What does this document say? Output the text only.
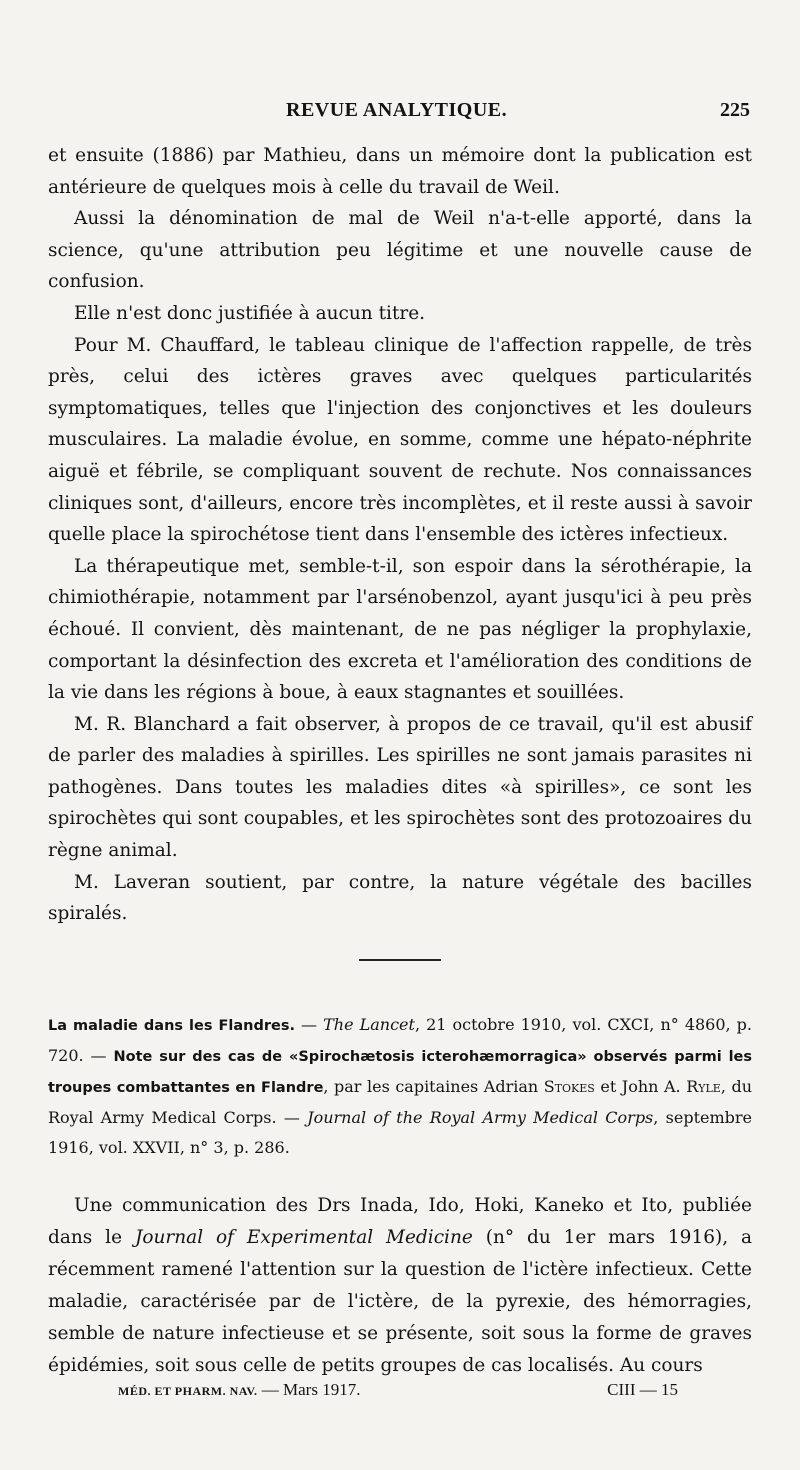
REVUE ANALYTIQUE.	225

et ensuite (1886) par Mathieu, dans un mémoire dont la publication est antérieure de quelques mois à celle du travail de Weil.

Aussi la dénomination de mal de Weil n'a-t-elle apporté, dans la science, qu'une attribution peu légitime et une nouvelle cause de confusion.

Elle n'est donc justifiée à aucun titre.

Pour M. Chauffard, le tableau clinique de l'affection rappelle, de très près, celui des ictères graves avec quelques particularités symptomatiques, telles que l'injection des conjonctives et les douleurs musculaires. La maladie évolue, en somme, comme une hépato-néphrite aiguë et fébrile, se compliquant souvent de rechute. Nos connaissances cliniques sont, d'ailleurs, encore très incomplètes, et il reste aussi à savoir quelle place la spirochétose tient dans l'ensemble des ictères infectieux.

La thérapeutique met, semble-t-il, son espoir dans la sérothérapie, la chimiothérapie, notamment par l'arsénobenzol, ayant jusqu'ici à peu près échoué. Il convient, dès maintenant, de ne pas négliger la prophylaxie, comportant la désinfection des excreta et l'amélioration des conditions de la vie dans les régions à boue, à eaux stagnantes et souillées.

M. R. Blanchard a fait observer, à propos de ce travail, qu'il est abusif de parler des maladies à spirilles. Les spirilles ne sont jamais parasites ni pathogènes. Dans toutes les maladies dites «à spirilles», ce sont les spirochètes qui sont coupables, et les spirochètes sont des protozoaires du règne animal.

M. Laveran soutient, par contre, la nature végétale des bacilles spiralés.

La maladie dans les Flandres. — The Lancet, 21 octobre 1910, vol. CXCI, n° 4860, p. 720. — Note sur des cas de «Spirochætosis icterohæmorragica» observés parmi les troupes combattantes en Flandre, par les capitaines Adrian Stokes et John A. Ryle, du Royal Army Medical Corps. — Journal of the Royal Army Medical Corps, septembre 1916, vol. XXVII, n° 3, p. 286.

Une communication des Drs Inada, Ido, Hoki, Kaneko et Ito, publiée dans le Journal of Experimental Medicine (n° du 1er mars 1916), a récemment ramené l'attention sur la question de l'ictère infectieux. Cette maladie, caractérisée par de l'ictère, de la pyrexie, des hémorragies, semble de nature infectieuse et se présente, soit sous la forme de graves épidémies, soit sous celle de petits groupes de cas localisés. Au cours

MÉD. ET PHARM. NAV. — Mars 1917.	CIII — 15
